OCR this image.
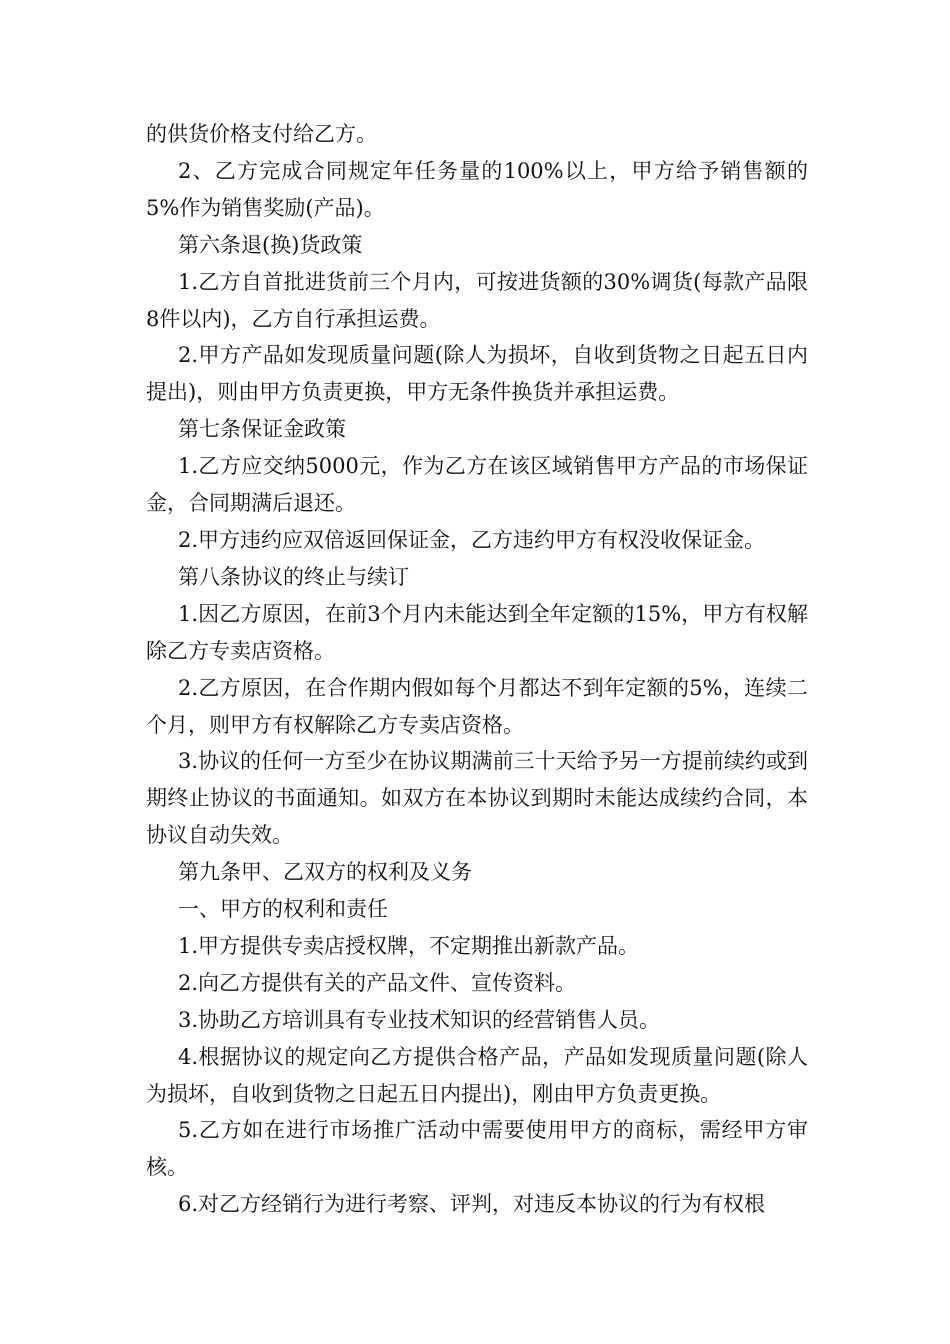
的供货价格支付给乙方。

2、乙方完成合同规定年任务量的100%以上，甲方给予销售额的5%作为销售奖励(产品)。

第六条退(换)货政策

1.乙方自首批进货前三个月内，可按进货额的30%调货(每款产品限8件以内)，乙方自行承担运费。

2.甲方产品如发现质量问题(除人为损坏，自收到货物之日起五日内提出)，则由甲方负责更换，甲方无条件换货并承担运费。

第七条保证金政策

1.乙方应交纳5000元，作为乙方在该区域销售甲方产品的市场保证金，合同期满后退还。

2.甲方违约应双倍返回保证金，乙方违约甲方有权没收保证金。

第八条协议的终止与续订

1.因乙方原因，在前3个月内未能达到全年定额的15%，甲方有权解除乙方专卖店资格。

2.乙方原因，在合作期内假如每个月都达不到年定额的5%，连续二个月，则甲方有权解除乙方专卖店资格。

3.协议的任何一方至少在协议期满前三十天给予另一方提前续约或到期终止协议的书面通知。如双方在本协议到期时未能达成续约合同，本协议自动失效。

第九条甲、乙双方的权利及义务

一、甲方的权利和责任

1.甲方提供专卖店授权牌，不定期推出新款产品。

2.向乙方提供有关的产品文件、宣传资料。

3.协助乙方培训具有专业技术知识的经营销售人员。

4.根据协议的规定向乙方提供合格产品，产品如发现质量问题(除人为损坏，自收到货物之日起五日内提出)，刚由甲方负责更换。

5.乙方如在进行市场推广活动中需要使用甲方的商标，需经甲方审核。

6.对乙方经销行为进行考察、评判，对违反本协议的行为有权根
